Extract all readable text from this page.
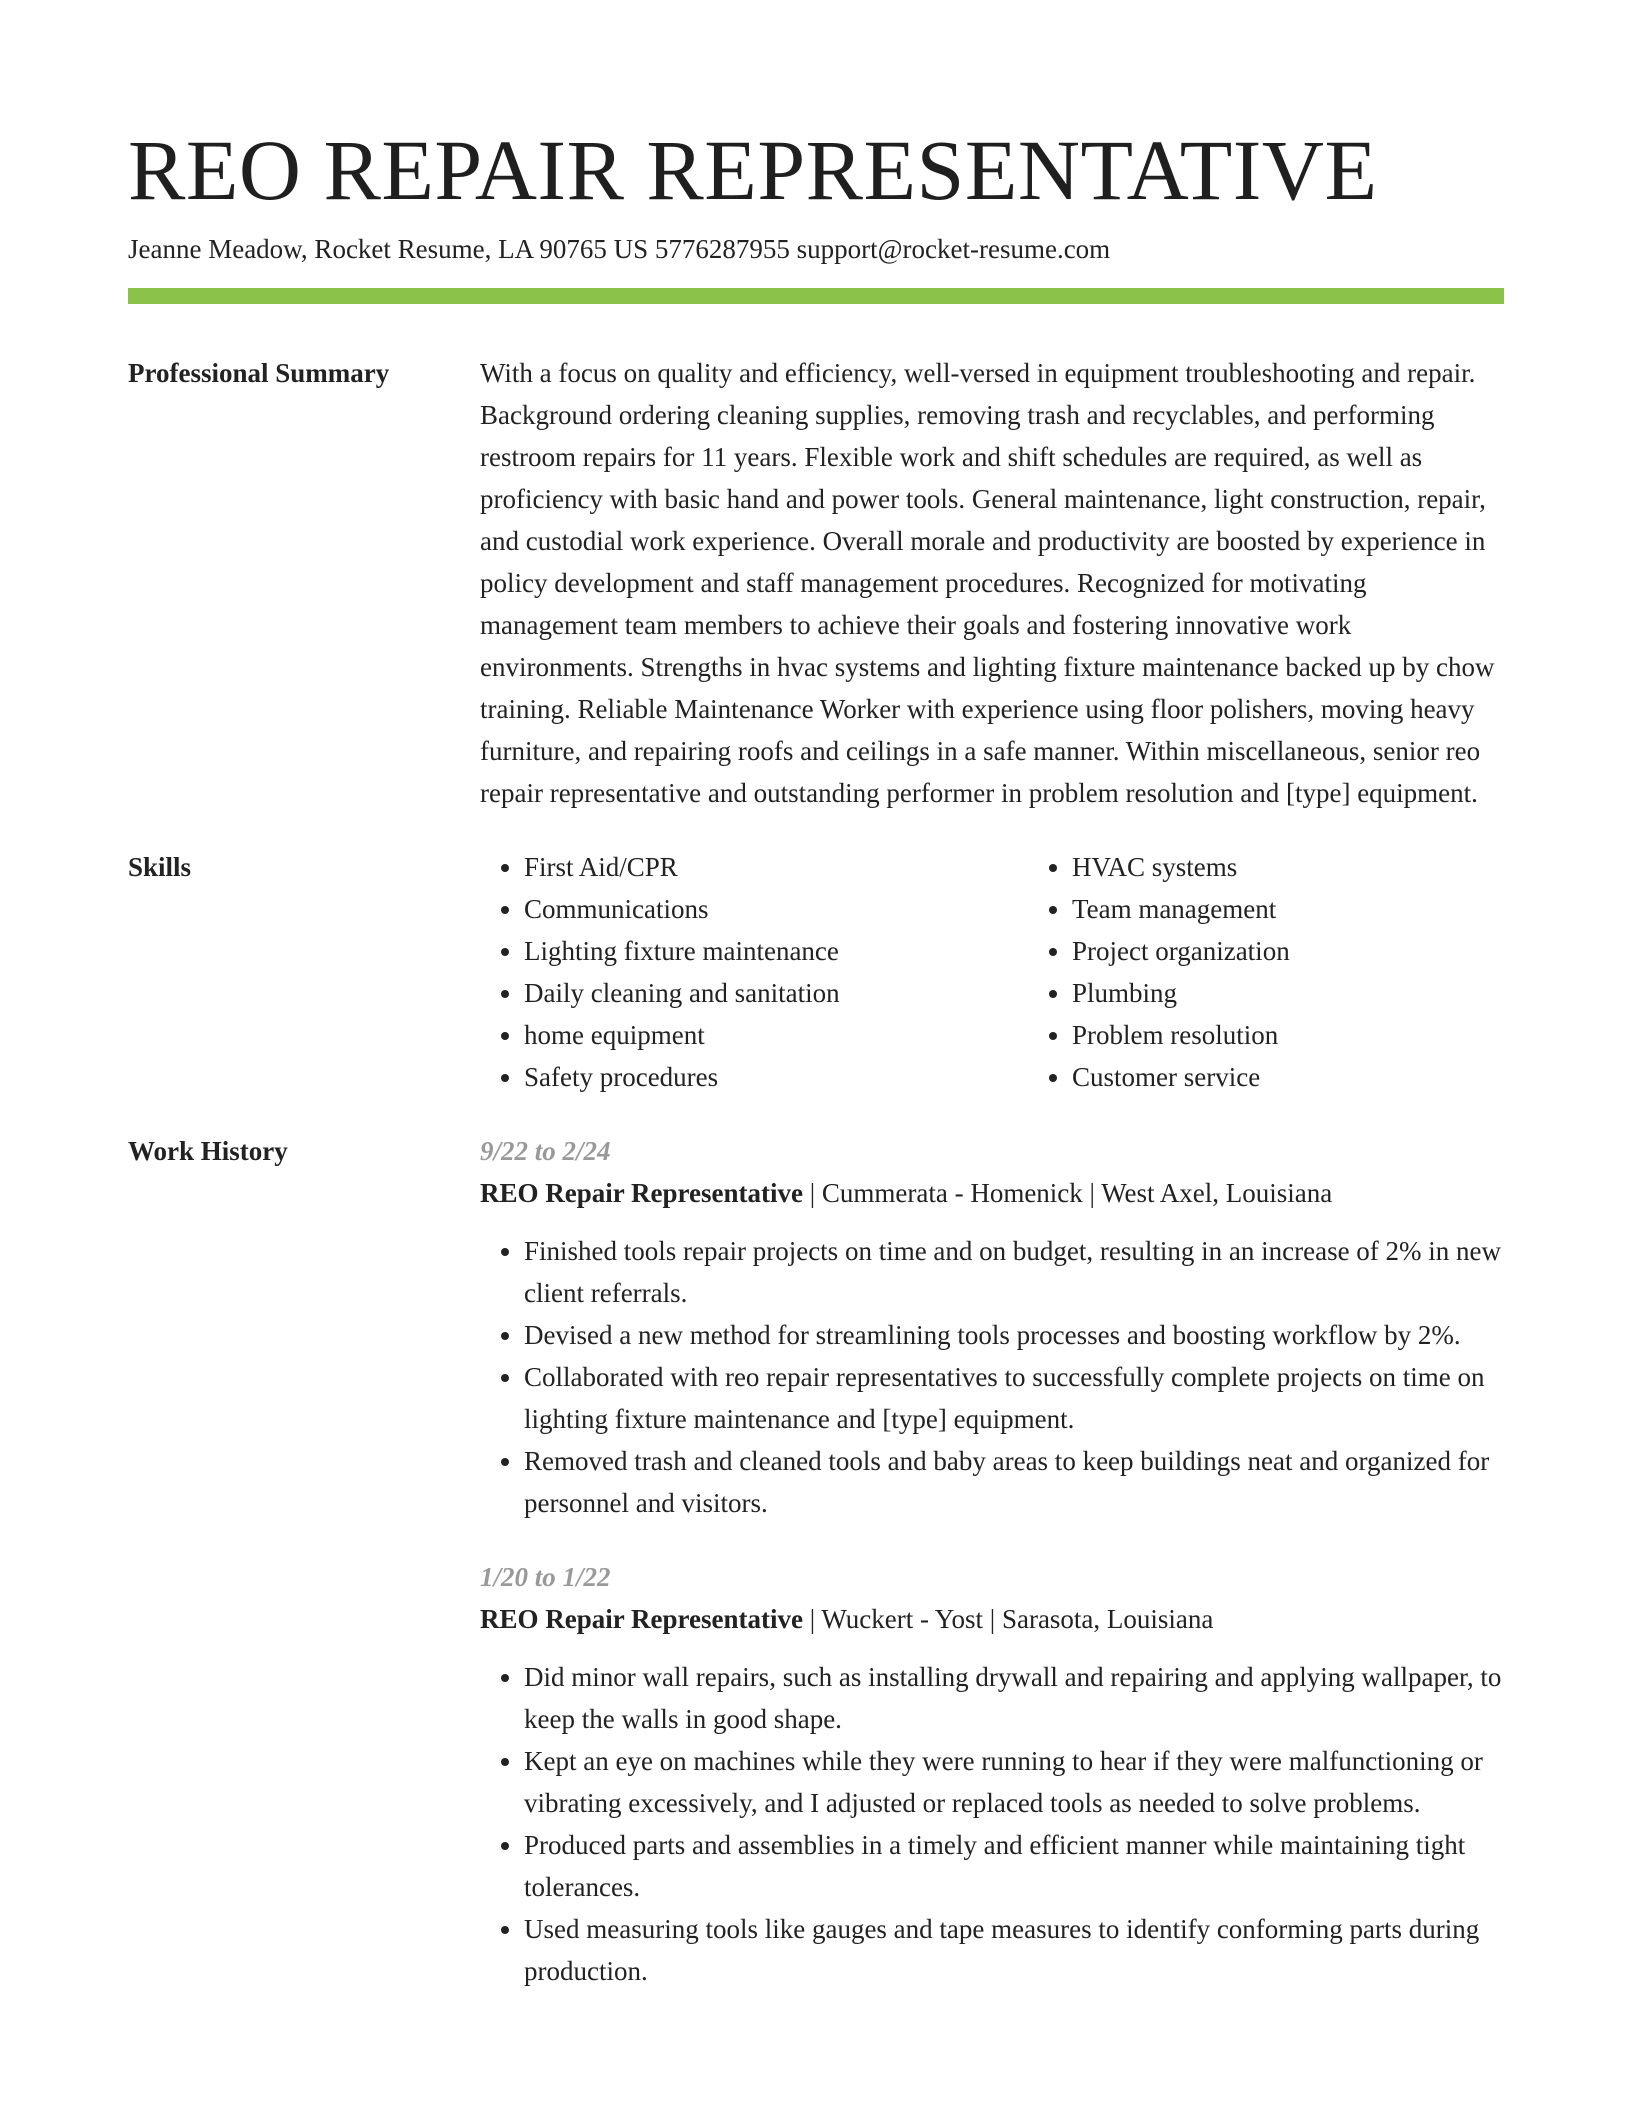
REO REPAIR REPRESENTATIVE
Jeanne Meadow, Rocket Resume, LA 90765 US 5776287955 support@rocket-resume.com
Professional Summary	With a focus on quality and efficiency, well-versed in equipment troubleshooting and repair. Background ordering cleaning supplies, removing trash and recyclables, and performing restroom repairs for 11 years. Flexible work and shift schedules are required, as well as proficiency with basic hand and power tools. General maintenance, light construction, repair, and custodial work experience. Overall morale and productivity are boosted by experience in policy development and staff management procedures. Recognized for motivating management team members to achieve their goals and fostering innovative work environments. Strengths in hvac systems and lighting fixture maintenance backed up by chow training. Reliable Maintenance Worker with experience using floor polishers, moving heavy furniture, and repairing roofs and ceilings in a safe manner. Within miscellaneous, senior reo repair representative and outstanding performer in problem resolution and [type] equipment.

Skills
•	First Aid/CPR
• Communications
• Lighting fixture maintenance
• Daily cleaning and sanitation
• home equipment
• Safety procedures
• HVAC systems
• Team management
• Project organization
• Plumbing
• Problem resolution
• Customer service
Work History	9/22 to 2/24
REO Repair Representative | Cummerata - Homenick | West Axel, Louisiana
• Finished tools repair projects on time and on budget, resulting in an increase of 2% in new client referrals.
• Devised a new method for streamlining tools processes and boosting workflow by 2%.
• Collaborated with reo repair representatives to successfully complete projects on time on lighting fixture maintenance and [type] equipment.
• Removed trash and cleaned tools and baby areas to keep buildings neat and organized for personnel and visitors.
1/20 to 1/22
REO Repair Representative | Wuckert - Yost | Sarasota, Louisiana
• Did minor wall repairs, such as installing drywall and repairing and applying wallpaper, to keep the walls in good shape.
• Kept an eye on machines while they were running to hear if they were malfunctioning or vibrating excessively, and I adjusted or replaced tools as needed to solve problems.
• Produced parts and assemblies in a timely and efficient manner while maintaining tight tolerances.
• Used measuring tools like gauges and tape measures to identify conforming parts during production.
